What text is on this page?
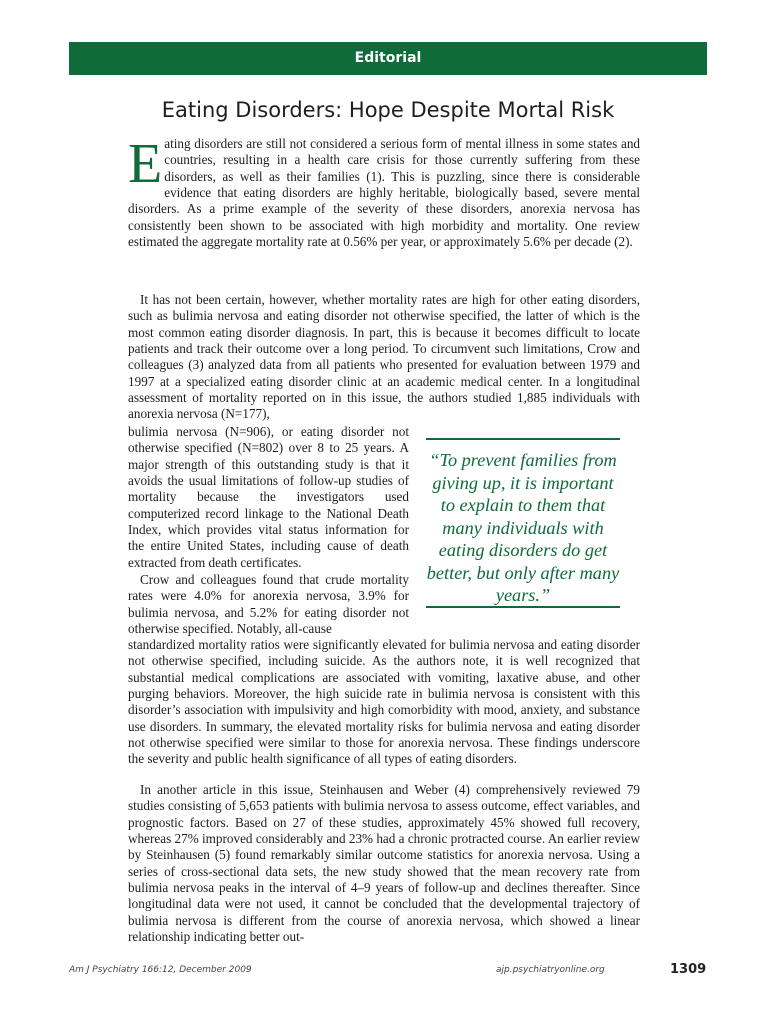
Editorial
Eating Disorders: Hope Despite Mortal Risk

Eating disorders are still not considered a serious form of mental illness in some states and countries, resulting in a health care crisis for those currently suffering from these disorders, as well as their families (1). This is puzzling, since there is considerable evidence that eating disorders are highly heritable, biologically based, severe mental disorders. As a prime example of the severity of these disorders, anorexia nervosa has consistently been shown to be associated with high morbidity and mortality. One review estimated the aggregate mortality rate at 0.56% per year, or approximately 5.6% per decade (2).

It has not been certain, however, whether mortality rates are high for other eating disorders, such as bulimia nervosa and eating disorder not otherwise specified, the latter of which is the most common eating disorder diagnosis. In part, this is because it becomes difficult to locate patients and track their outcome over a long period. To circumvent such limitations, Crow and colleagues (3) analyzed data from all patients who presented for evaluation between 1979 and 1997 at a specialized eating disorder clinic at an academic medical center. In a longitudinal assessment of mortality reported on in this issue, the authors studied 1,885 individuals with anorexia nervosa (N=177),

bulimia nervosa (N=906), or eating disorder not otherwise specified (N=802) over 8 to 25 years. A major strength of this outstanding study is that it avoids the usual limitations of follow-up studies of mortality because the investigators used computerized record linkage to the National Death Index, which provides vital status information for the entire United States, including cause of death extracted from death certificates.

“To prevent families from giving up, it is important to explain to them that many individuals with eating disorders do get better, but only after many years.”

Crow and colleagues found that crude mortality rates were 4.0% for anorexia nervosa, 3.9% for bulimia nervosa, and 5.2% for eating disorder not otherwise specified. Notably, all-cause

standardized mortality ratios were significantly elevated for bulimia nervosa and eating disorder not otherwise specified, including suicide. As the authors note, it is well recognized that substantial medical complications are associated with vomiting, laxative abuse, and other purging behaviors. Moreover, the high suicide rate in bulimia nervosa is consistent with this disorder’s association with impulsivity and high comorbidity with mood, anxiety, and substance use disorders. In summary, the elevated mortality risks for bulimia nervosa and eating disorder not otherwise specified were similar to those for anorexia nervosa. These findings underscore the severity and public health significance of all types of eating disorders.

In another article in this issue, Steinhausen and Weber (4) comprehensively reviewed 79 studies consisting of 5,653 patients with bulimia nervosa to assess outcome, effect variables, and prognostic factors. Based on 27 of these studies, approximately 45% showed full recovery, whereas 27% improved considerably and 23% had a chronic protracted course. An earlier review by Steinhausen (5) found remarkably similar outcome statistics for anorexia nervosa. Using a series of cross-sectional data sets, the new study showed that the mean recovery rate from bulimia nervosa peaks in the interval of 4–9 years of follow-up and declines thereafter. Since longitudinal data were not used, it cannot be concluded that the developmental trajectory of bulimia nervosa is different from the course of anorexia nervosa, which showed a linear relationship indicating better out-

Am J Psychiatry 166:12, December 2009	ajp.psychiatryonline.org	1309
